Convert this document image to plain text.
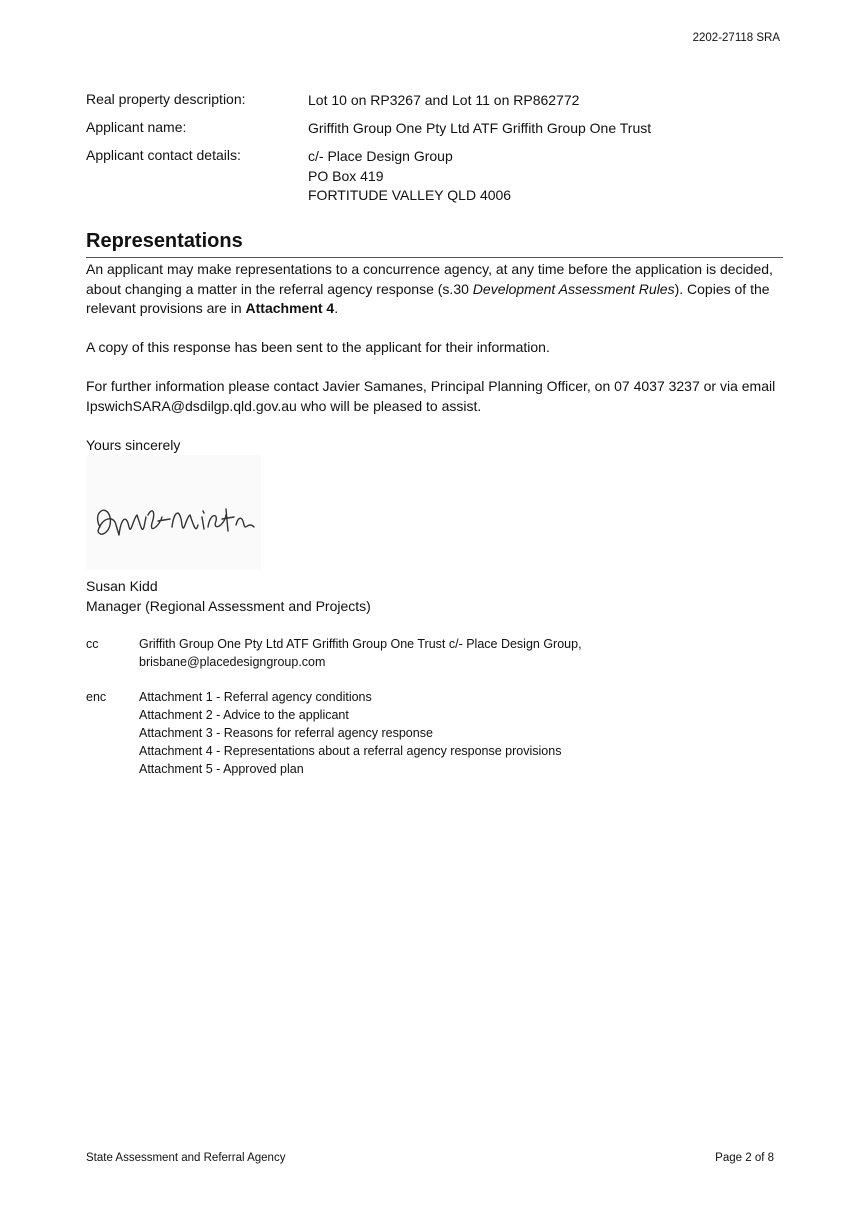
2202-27118 SRA
Real property description:	Lot 10 on RP3267 and Lot 11 on RP862772
Applicant name:	Griffith Group One Pty Ltd ATF Griffith Group One Trust
Applicant contact details:	c/- Place Design Group
PO Box 419
FORTITUDE VALLEY QLD 4006
Representations
An applicant may make representations to a concurrence agency, at any time before the application is decided, about changing a matter in the referral agency response (s.30 Development Assessment Rules). Copies of the relevant provisions are in Attachment 4.
A copy of this response has been sent to the applicant for their information.
For further information please contact Javier Samanes, Principal Planning Officer, on 07 4037 3237 or via email IpswichSARA@dsdilgp.qld.gov.au who will be pleased to assist.
Yours sincerely
Susan Kidd
Manager (Regional Assessment and Projects)
cc	Griffith Group One Pty Ltd ATF Griffith Group One Trust c/- Place Design Group,
brisbane@placedesigngroup.com
enc	Attachment 1 - Referral agency conditions
Attachment 2 - Advice to the applicant
Attachment 3 - Reasons for referral agency response
Attachment 4 - Representations about a referral agency response provisions
Attachment 5 - Approved plan
State Assessment and Referral Agency	Page 2 of 8
